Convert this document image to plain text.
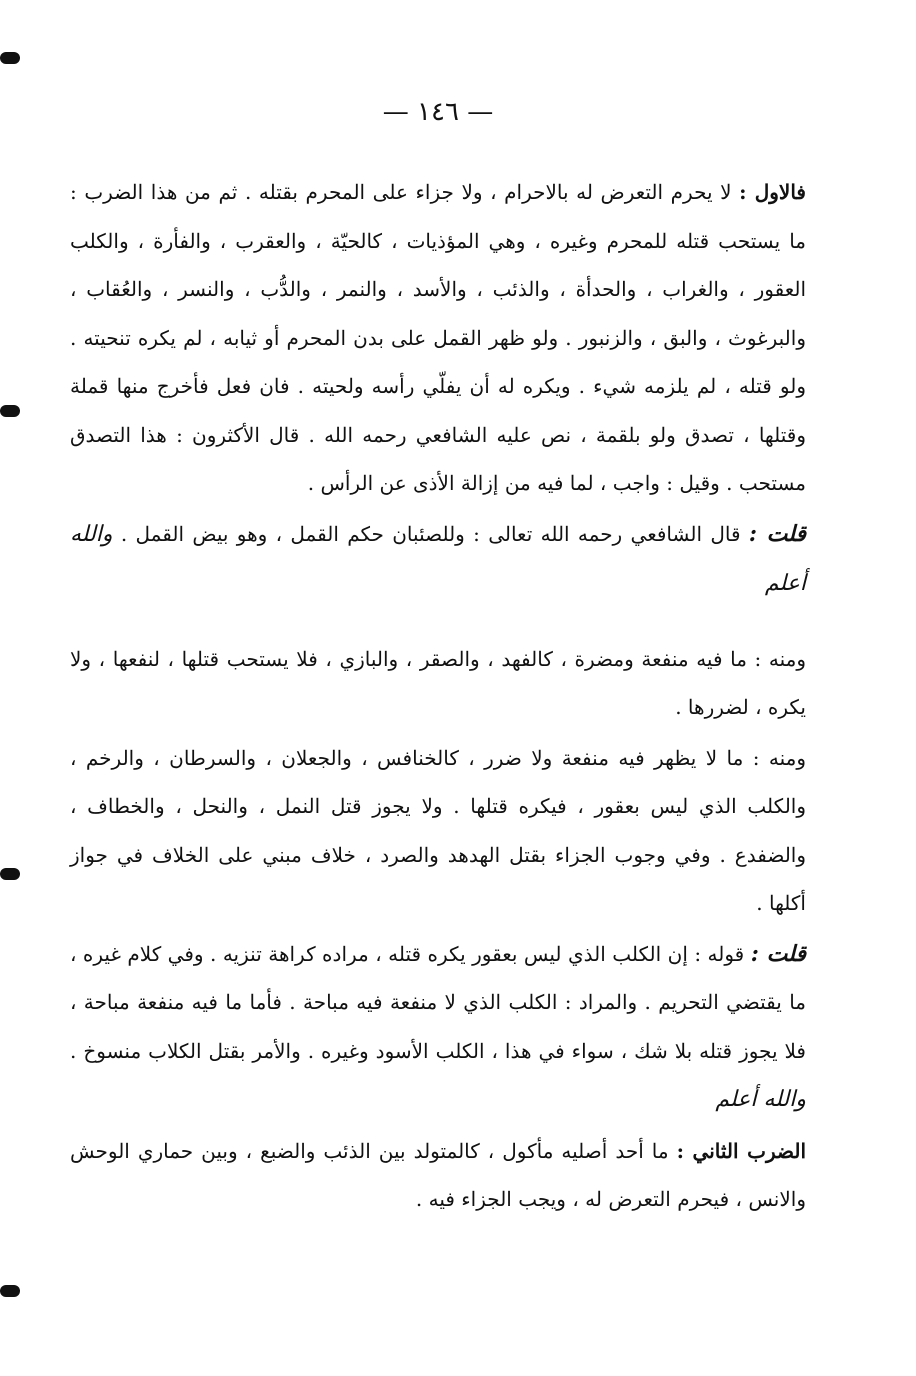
— ١٤٦ —

فالاول : لا يحرم التعرض له بالاحرام ، ولا جزاء على المحرم بقتله . ثم من هذا الضرب : ما يستحب قتله للمحرم وغيره ، وهي المؤذيات ، كالحيّة ، والعقرب ، والفأرة ، والكلب العقور ، والغراب ، والحدأة ، والذئب ، والأسد ، والنمر ، والدُّب ، والنسر ، والعُقاب ، والبرغوث ، والبق ، والزنبور . ولو ظهر القمل على بدن المحرم أو ثيابه ، لم يكره تنحيته . ولو قتله ، لم يلزمه شيء . ويكره له أن يفلّي رأسه ولحيته . فان فعل فأخرج منها قملة وقتلها ، تصدق ولو بلقمة ، نص عليه الشافعي رحمه الله . قال الأكثرون : هذا التصدق مستحب . وقيل : واجب ، لما فيه من إزالة الأذى عن الرأس .

قلت : قال الشافعي رحمه الله تعالى : وللصئبان حكم القمل ، وهو بيض القمل . والله أعلم

ومنه : ما فيه منفعة ومضرة ، كالفهد ، والصقر ، والبازي ، فلا يستحب قتلها ، لنفعها ، ولا يكره ، لضررها .

ومنه : ما لا يظهر فيه منفعة ولا ضرر ، كالخنافس ، والجعلان ، والسرطان ، والرخم ، والكلب الذي ليس بعقور ، فيكره قتلها . ولا يجوز قتل النمل ، والنحل ، والخطاف ، والضفدع . وفي وجوب الجزاء بقتل الهدهد والصرد ، خلاف مبني على الخلاف في جواز أكلها .

قلت : قوله : إن الكلب الذي ليس بعقور يكره قتله ، مراده كراهة تنزيه . وفي كلام غيره ، ما يقتضي التحريم . والمراد : الكلب الذي لا منفعة فيه مباحة . فأما ما فيه منفعة مباحة ، فلا يجوز قتله بلا شك ، سواء في هذا ، الكلب الأسود وغيره . والأمر بقتل الكلاب منسوخ . والله أعلم

الضرب الثاني : ما أحد أصليه مأكول ، كالمتولد بين الذئب والضبع ، وبين حماري الوحش والانس ، فيحرم التعرض له ، ويجب الجزاء فيه .
